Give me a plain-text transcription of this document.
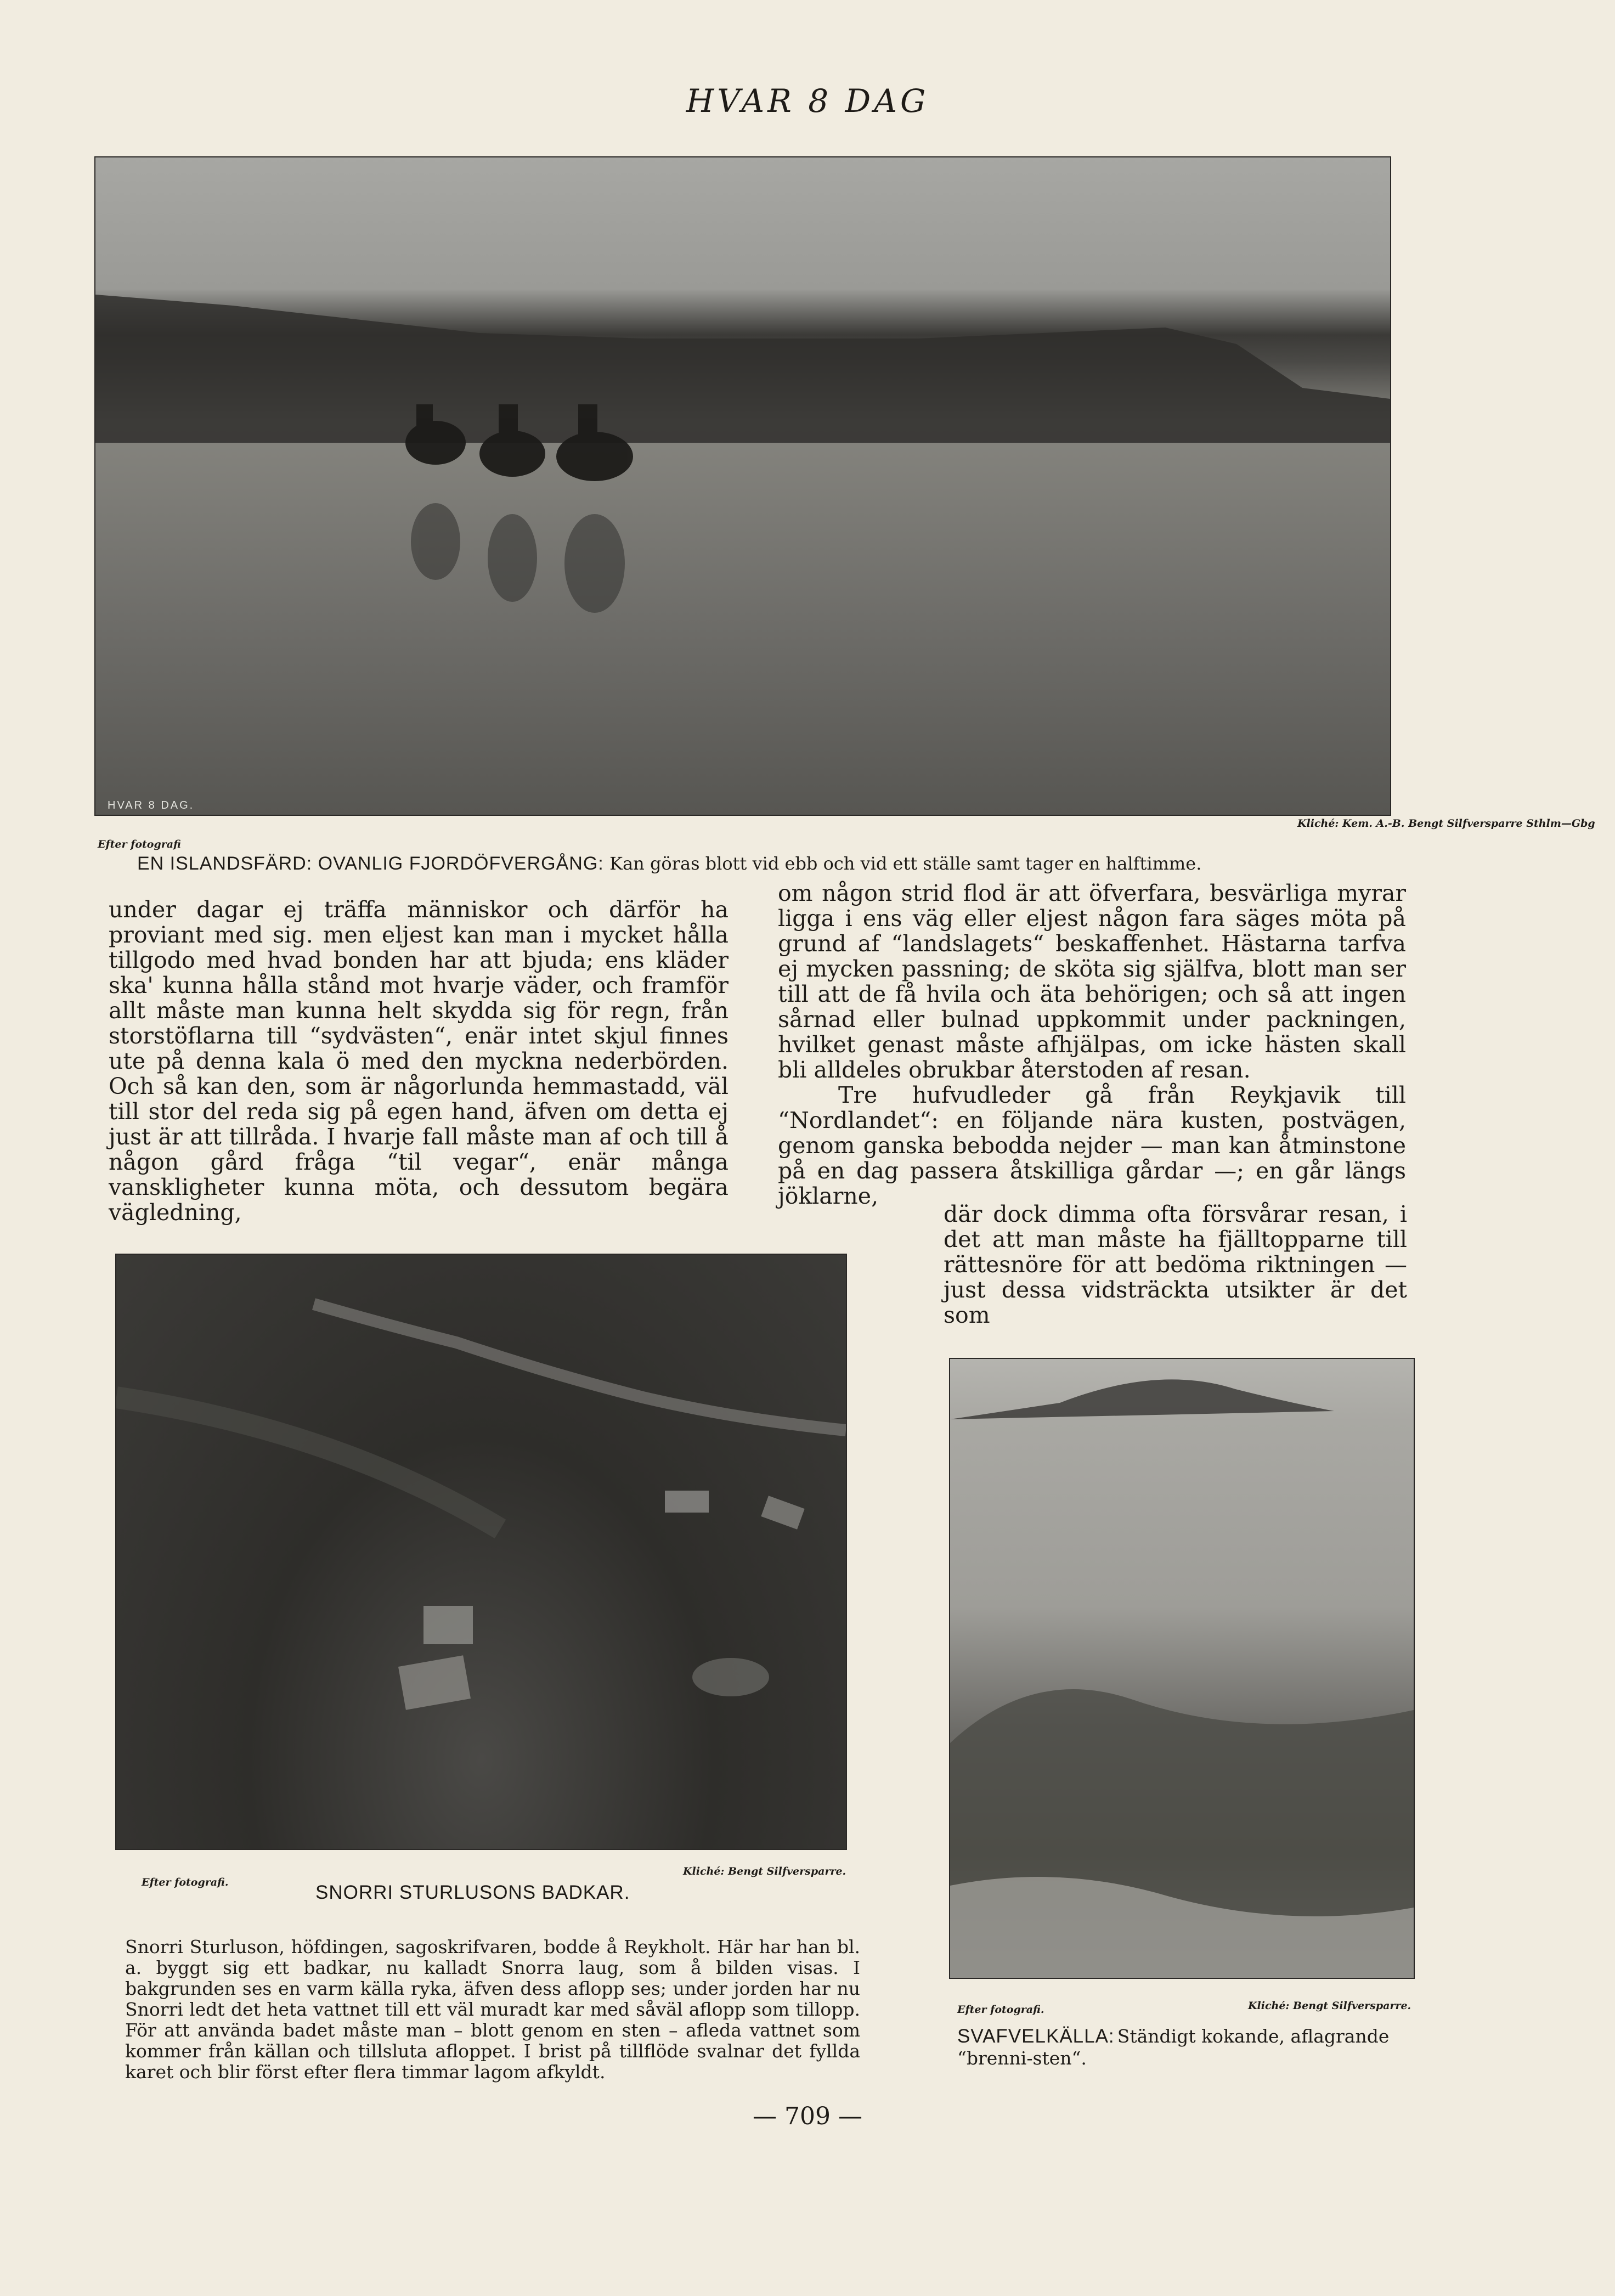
HVAR 8 DAG
HVAR 8 DAG.
Kliché: Kem. A.-B. Bengt Silfversparre Sthlm—Gbg
Efter fotografi
EN ISLANDSFÄRD: OVANLIG FJORDÖFVERGÅNG: Kan göras blott vid ebb och vid ett ställe samt tager en halftimme.

under dagar ej träffa människor och därför ha proviant med sig. men eljest kan man i mycket hålla tillgodo med hvad bonden har att bjuda; ens kläder ska' kunna hålla stånd mot hvarje väder, och framför allt måste man kunna helt skydda sig för regn, från storstöflarna till “sydvästen“, enär intet skjul finnes ute på denna kala ö med den myckna nederbörden. Och så kan den, som är någorlunda hemmastadd, väl till stor del reda sig på egen hand, äfven om detta ej just är att tillråda. I hvarje fall måste man af och till å någon gård fråga “til vegar“, enär många vanskligheter kunna möta, och dessutom begära vägledning,

om någon strid flod är att öfverfara, besvärliga myrar ligga i ens väg eller eljest någon fara säges möta på grund af “landslagets“ beskaffenhet. Hästarna tarfva ej mycken passning; de sköta sig själfva, blott man ser till att de få hvila och äta behörigen; och så att ingen sårnad eller bulnad uppkommit under packningen, hvilket genast måste afhjälpas, om icke hästen skall bli alldeles obrukbar återstoden af resan.

Tre hufvudleder gå från Reykjavik till “Nordlandet“: en följande nära kusten, postvägen, genom ganska bebodda nejder — man kan åtminstone på en dag passera åtskilliga gårdar —; en går längs jöklarne,

där dock dimma ofta försvårar resan, i det att man måste ha fjälltopparne till rättesnöre för att bedöma riktningen — just dessa vidsträckta utsikter är det som

Efter fotografi.
Kliché: Bengt Silfversparre.
SNORRI STURLUSONS BADKAR.

Snorri Sturluson, höfdingen, sagoskrifvaren, bodde å Reykholt. Här har han bl. a. byggt sig ett badkar, nu kalladt Snorra laug, som å bilden visas. I bakgrunden ses en varm källa ryka, äfven dess aflopp ses; under jorden har nu Snorri ledt det heta vattnet till ett väl muradt kar med såväl aflopp som tillopp. För att använda badet måste man – blott genom en sten – afleda vattnet som kommer från källan och tillsluta afloppet. I brist på tillflöde svalnar det fyllda karet och blir först efter flera timmar lagom afkyldt.

Efter fotografi.	Kliché: Bengt Silfversparre.
SVAFVELKÄLLA: Ständigt kokande, aflagrande “brenni-sten“.
— 709 —
